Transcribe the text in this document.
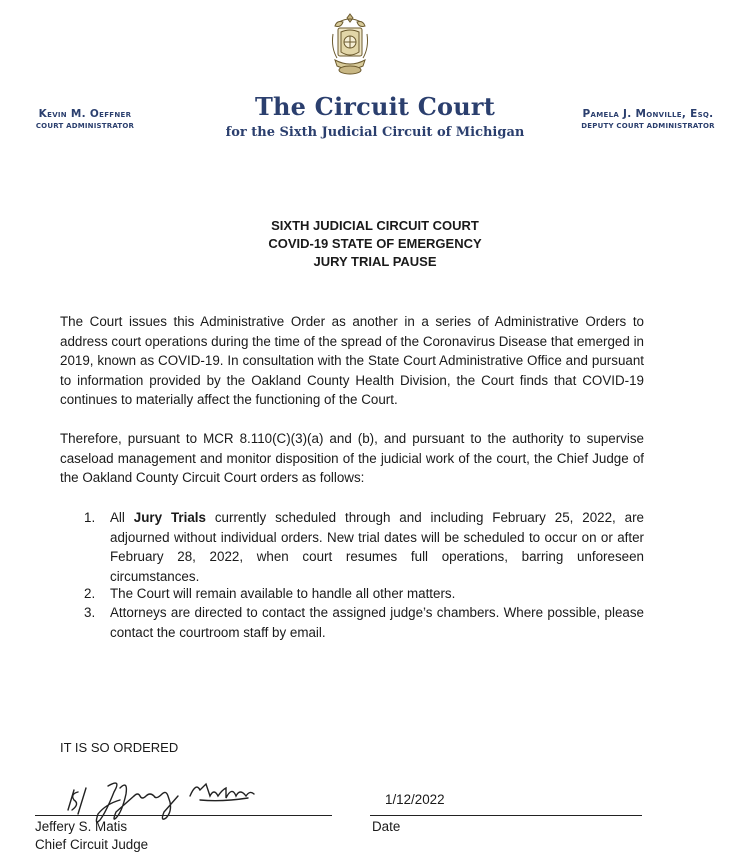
Kevin M. Oeffner
COURT ADMINISTRATOR
The Circuit Court
for the Sixth Judicial Circuit of Michigan
Pamela J. Monville, Esq.
DEPUTY COURT ADMINISTRATOR
SIXTH JUDICIAL CIRCUIT COURT
COVID-19 STATE OF EMERGENCY
JURY TRIAL PAUSE
The Court issues this Administrative Order as another in a series of Administrative Orders to address court operations during the time of the spread of the Coronavirus Disease that emerged in 2019, known as COVID-19. In consultation with the State Court Administrative Office and pursuant to information provided by the Oakland County Health Division, the Court finds that COVID-19 continues to materially affect the functioning of the Court.
Therefore, pursuant to MCR 8.110(C)(3)(a) and (b), and pursuant to the authority to supervise caseload management and monitor disposition of the judicial work of the court, the Chief Judge of the Oakland County Circuit Court orders as follows:
1.	All Jury Trials currently scheduled through and including February 25, 2022, are adjourned without individual orders. New trial dates will be scheduled to occur on or after February 28, 2022, when court resumes full operations, barring unforeseen circumstances.
2.	The Court will remain available to handle all other matters.
3.	Attorneys are directed to contact the assigned judge’s chambers. Where possible, please contact the courtroom staff by email.
IT IS SO ORDERED
1/12/2022
Date
Jeffery S. Matis
Chief Circuit Judge
